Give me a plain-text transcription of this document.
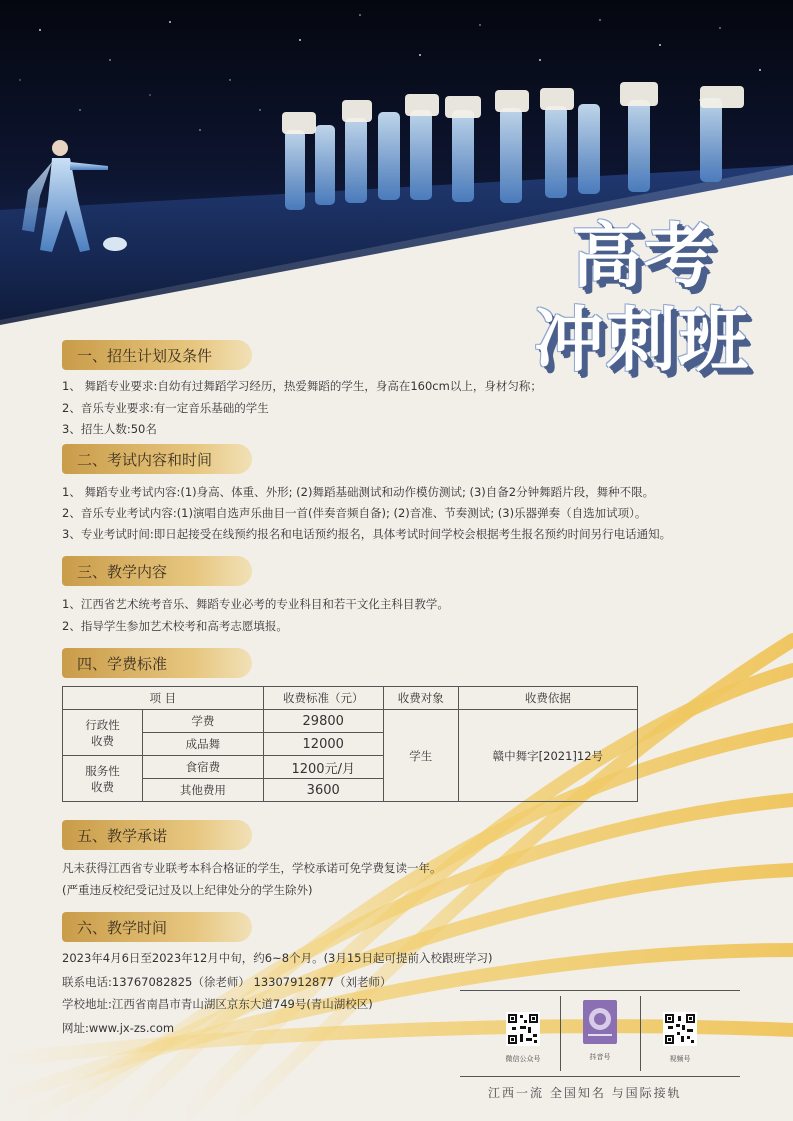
高考
冲刺班
一、招生计划及条件
1、 舞蹈专业要求:自幼有过舞蹈学习经历，热爱舞蹈的学生，身高在160cm以上，身材匀称；
2、音乐专业要求:有一定音乐基础的学生
3、招生人数:50名
二、考试内容和时间
1、 舞蹈专业考试内容:(1)身高、体重、外形; (2)舞蹈基础测试和动作模仿测试; (3)自备2分钟舞蹈片段，舞种不限。
2、音乐专业考试内容:(1)演唱自选声乐曲目一首(伴奏音频自备); (2)音准、节奏测试; (3)乐器弹奏（自选加试项）。
3、专业考试时间:即日起接受在线预约报名和电话预约报名，具体考试时间学校会根据考生报名预约时间另行电话通知。
三、教学内容
1、江西省艺术统考音乐、舞蹈专业必考的专业科目和若干文化主科目教学。
2、指导学生参加艺术校考和高考志愿填报。
四、学费标准
项 目		收费标准（元）	收费对象	收费依据

行政性
收费	学费	29800	学生	赣中舞字[2021]12号
	成品舞	12000		

服务性
收费	食宿费	1200元/月		
	其他费用	3600		
五、教学承诺
凡未获得江西省专业联考本科合格证的学生，学校承诺可免学费复读一年。
(严重违反校纪受记过及以上纪律处分的学生除外)
六、教学时间
2023年4月6日至2023年12月中旬，约6~8个月。(3月15日起可提前入校跟班学习)
联系电话:13767082825（徐老师） 13307912877（刘老师）
学校地址:江西省南昌市青山湖区京东大道749号(青山湖校区)
网址:www.jx-zs.com
微信公众号	抖音号	视频号
江西一流 全国知名 与国际接轨
